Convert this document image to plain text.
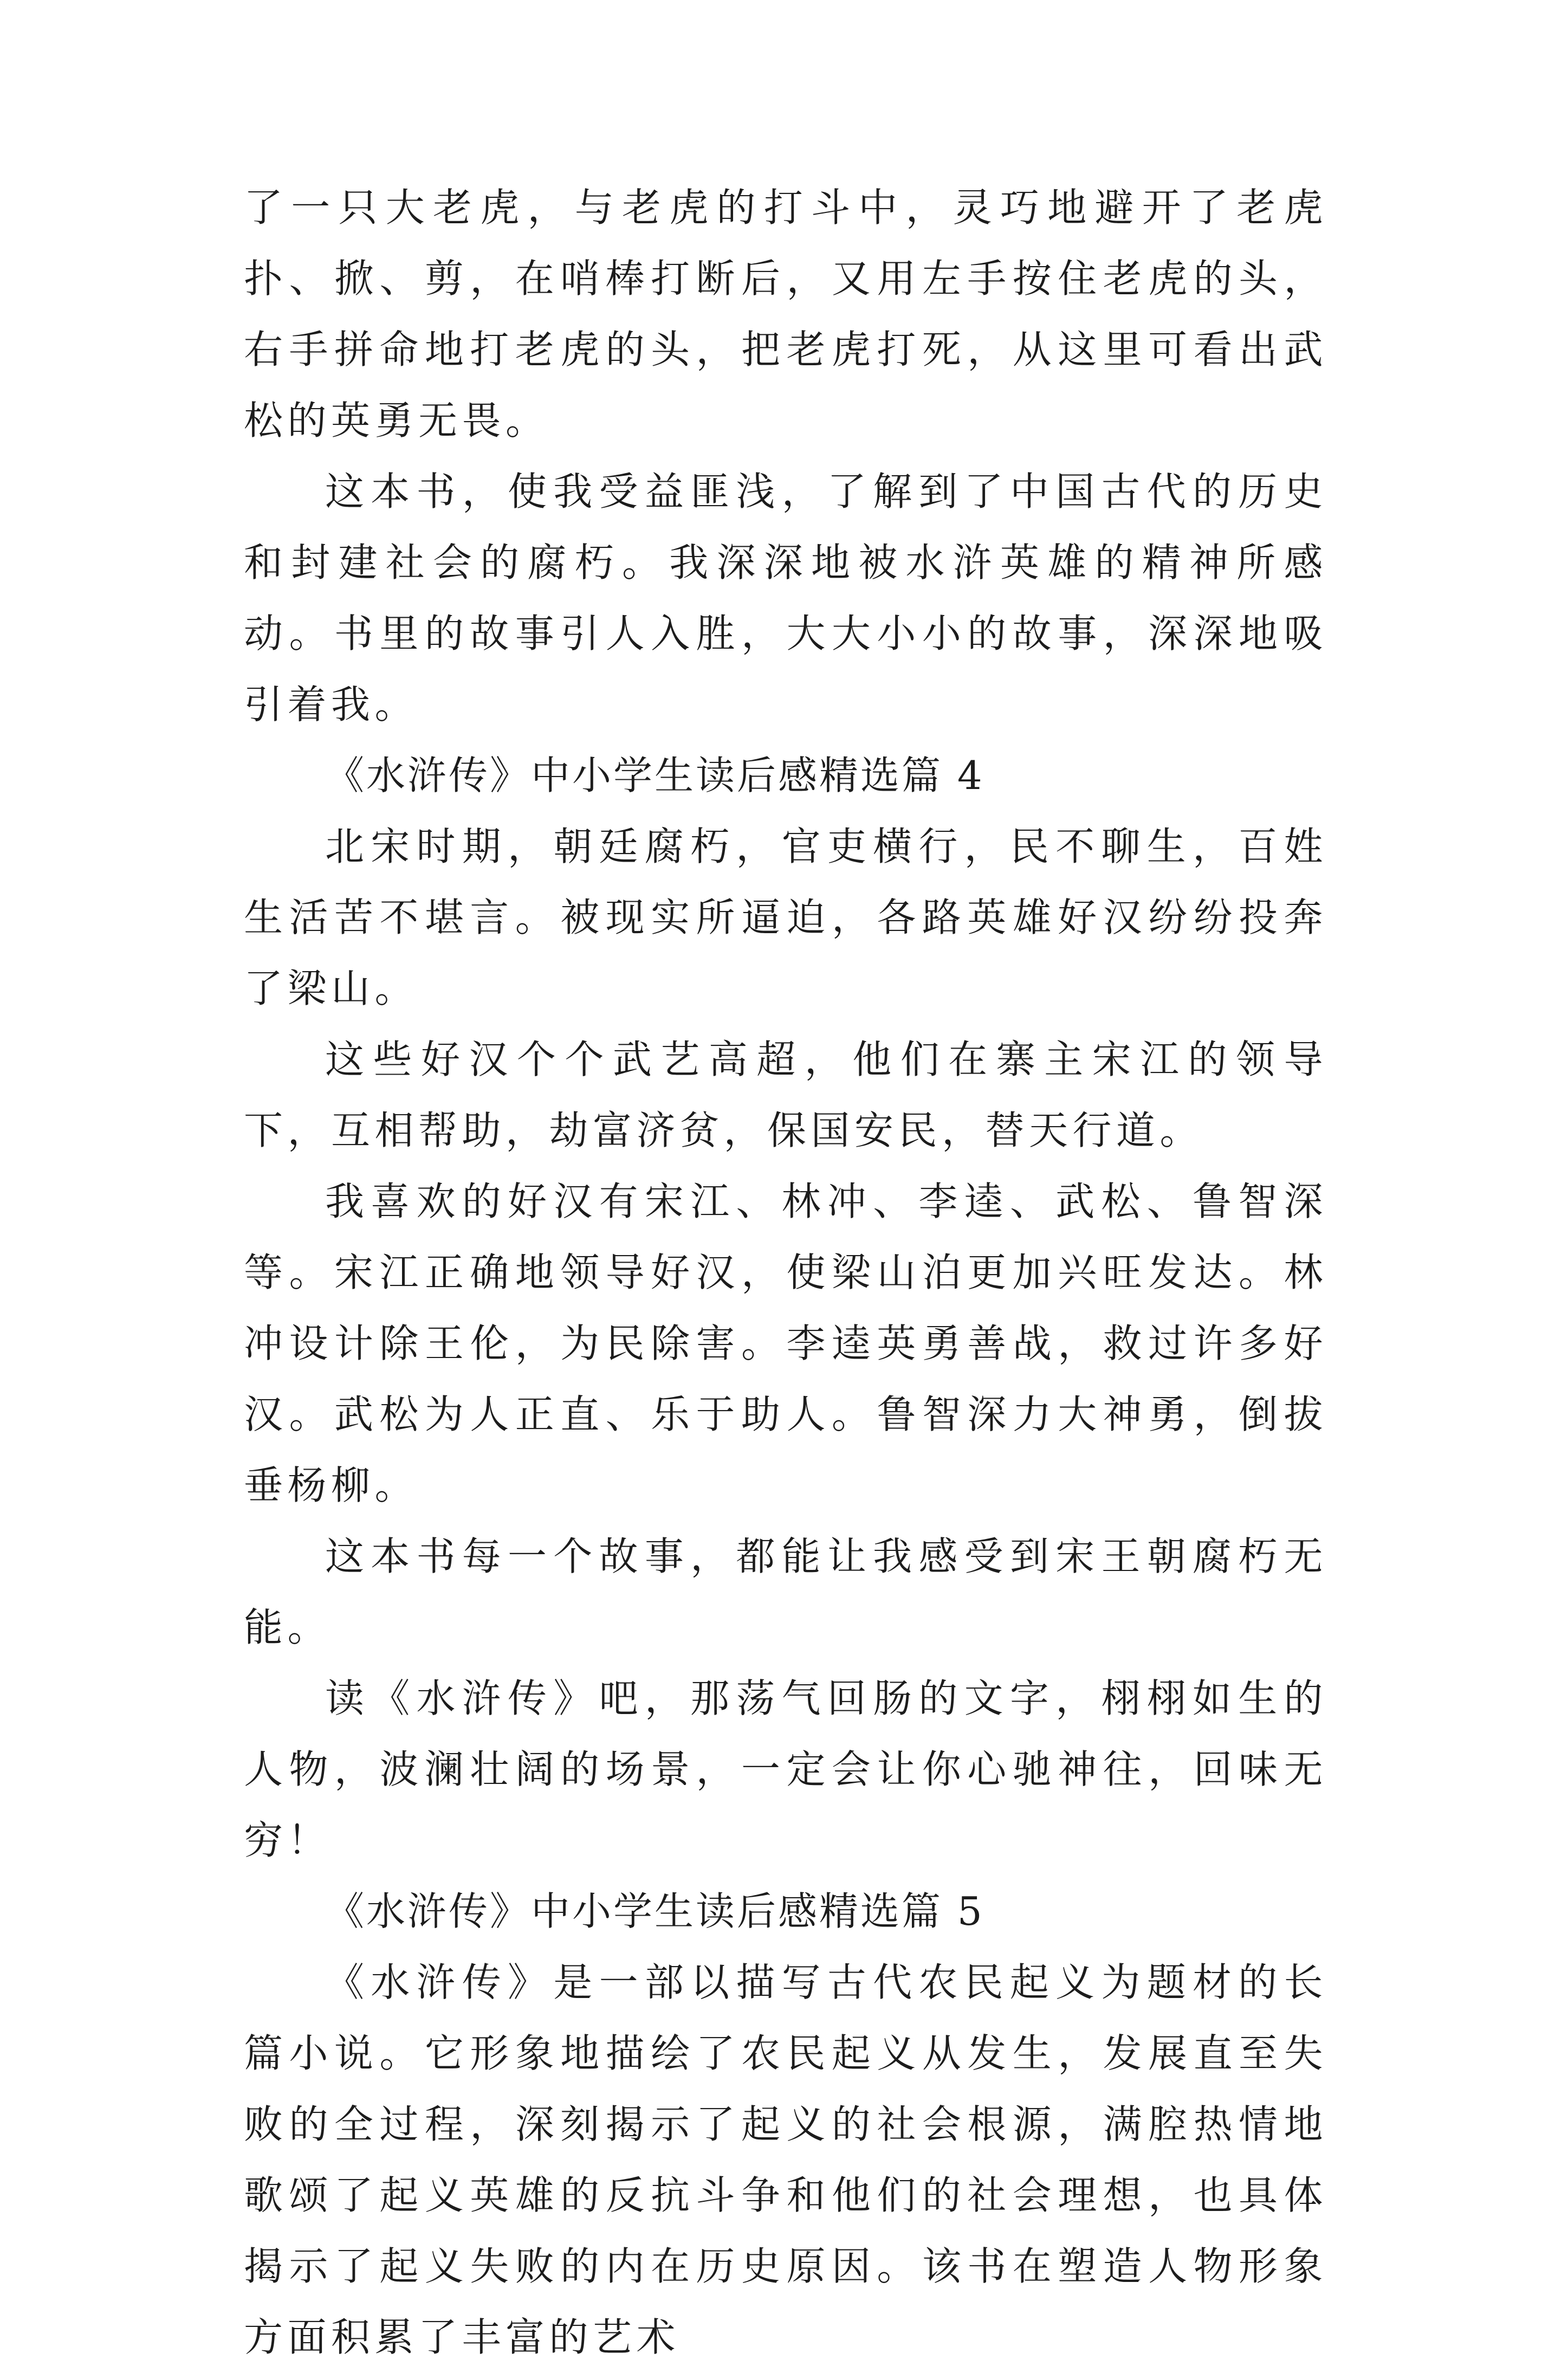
了一只大老虎，与老虎的打斗中，灵巧地避开了老虎扑、掀、剪，在哨棒打断后，又用左手按住老虎的头，右手拼命地打老虎的头，把老虎打死，从这里可看出武松的英勇无畏。

这本书，使我受益匪浅，了解到了中国古代的历史和封建社会的腐朽。我深深地被水浒英雄的精神所感动。书里的故事引人入胜，大大小小的故事，深深地吸引着我。

《水浒传》中小学生读后感精选篇 4

北宋时期，朝廷腐朽，官吏横行，民不聊生，百姓生活苦不堪言。被现实所逼迫，各路英雄好汉纷纷投奔了梁山。

这些好汉个个武艺高超，他们在寨主宋江的领导下，互相帮助，劫富济贫，保国安民，替天行道。

我喜欢的好汉有宋江、林冲、李逵、武松、鲁智深等。宋江正确地领导好汉，使梁山泊更加兴旺发达。林冲设计除王伦，为民除害。李逵英勇善战，救过许多好汉。武松为人正直、乐于助人。鲁智深力大神勇，倒拔垂杨柳。

这本书每一个故事，都能让我感受到宋王朝腐朽无能。

读《水浒传》吧，那荡气回肠的文字，栩栩如生的人物，波澜壮阔的场景，一定会让你心驰神往，回味无穷！

《水浒传》中小学生读后感精选篇 5

《水浒传》是一部以描写古代农民起义为题材的长篇小说。它形象地描绘了农民起义从发生，发展直至失败的全过程，深刻揭示了起义的社会根源，满腔热情地歌颂了起义英雄的反抗斗争和他们的社会理想，也具体揭示了起义失败的内在历史原因。该书在塑造人物形象方面积累了丰富的艺术
